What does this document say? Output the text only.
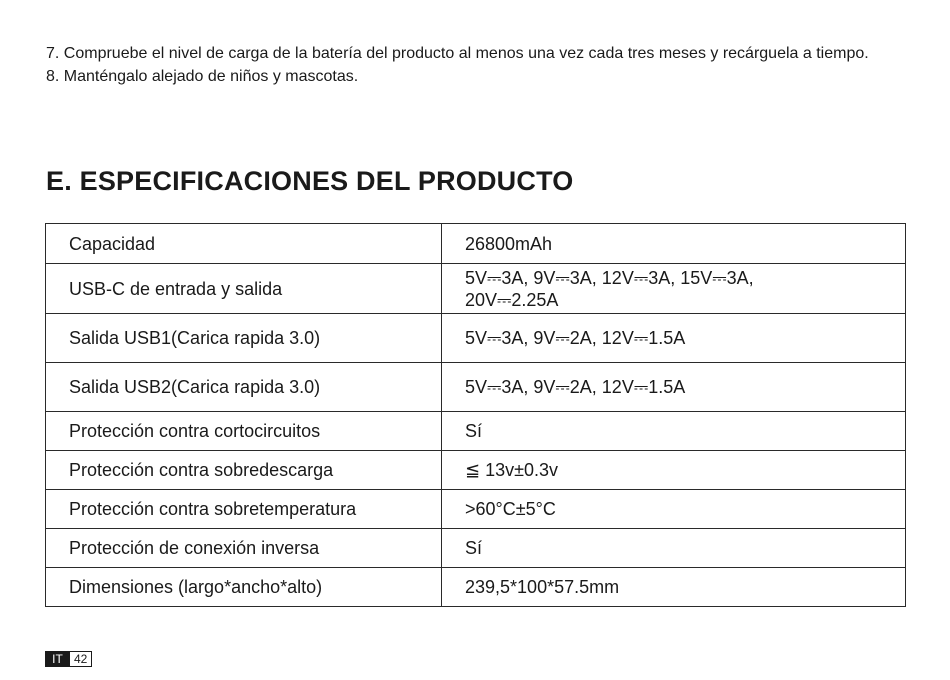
7. Compruebe el nivel de carga de la batería del producto al menos una vez cada tres meses y recárguela a tiempo.

8. Manténgalo alejado de niños y mascotas.

E. ESPECIFICACIONES DEL PRODUCTO
Capacidad	26800mAh
USB-C de entrada y salida	5V⎓3A, 9V⎓3A, 12V⎓3A, 15V⎓3A, 20V⎓2.25A

Salida USB1(Carica rapida 3.0)	5V⎓3A, 9V⎓2A, 12V⎓1.5A
Salida USB2(Carica rapida 3.0)	5V⎓3A, 9V⎓2A, 12V⎓1.5A
Protección contra cortocircuitos	Sí
Protección contra sobredescarga	≦ 13v±0.3v
Protección contra sobretemperatura	>60°C±5°C
Protección de conexión inversa	Sí
Dimensiones (largo*ancho*alto)	239,5*100*57.5mm
IT 42
